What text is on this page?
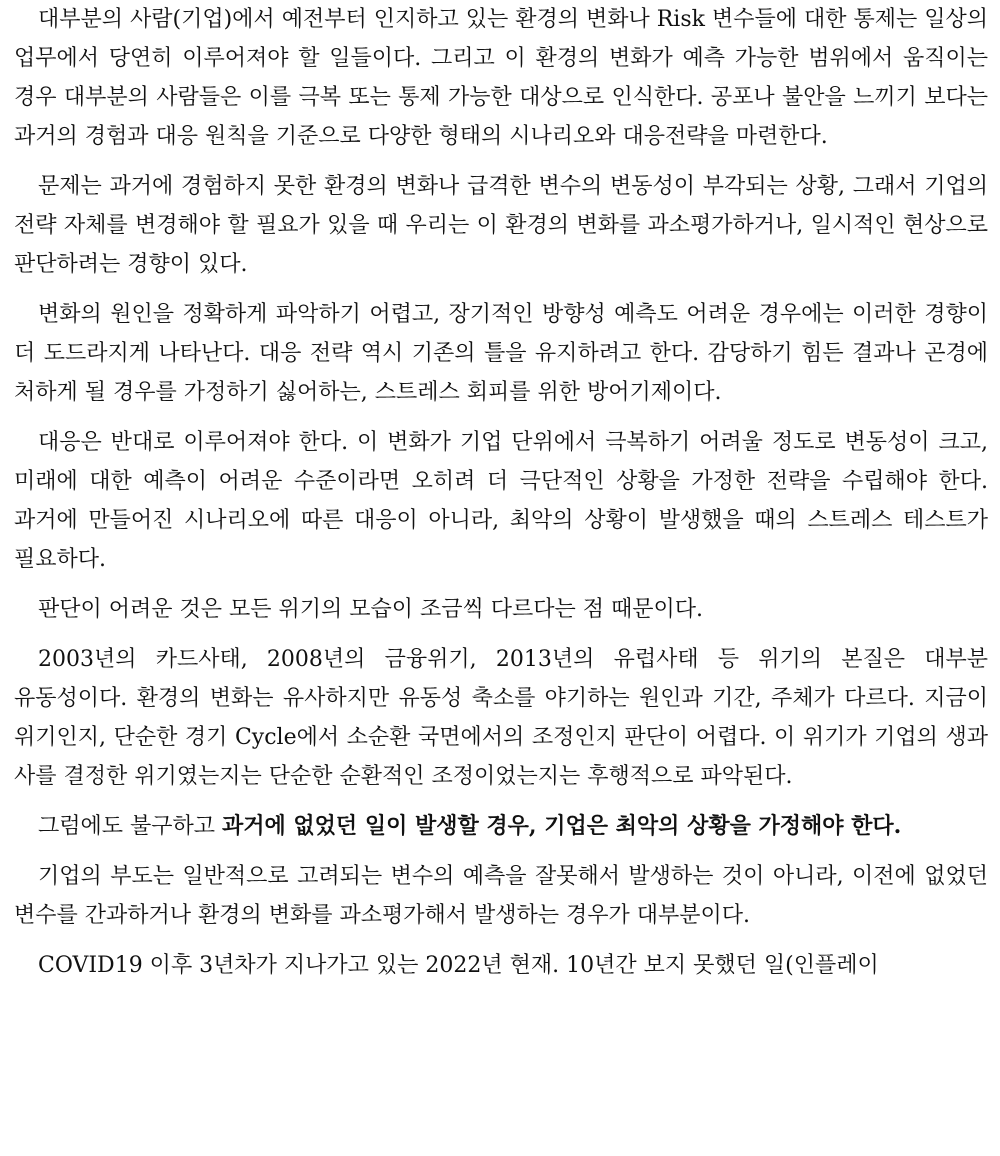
대부분의 사람(기업)에서 예전부터 인지하고 있는 환경의 변화나 Risk 변수들에 대한 통제는 일상의 업무에서 당연히 이루어져야 할 일들이다. 그리고 이 환경의 변화가 예측 가능한 범위에서 움직이는 경우 대부분의 사람들은 이를 극복 또는 통제 가능한 대상으로 인식한다. 공포나 불안을 느끼기 보다는 과거의 경험과 대응 원칙을 기준으로 다양한 형태의 시나리오와 대응전략을 마련한다.

문제는 과거에 경험하지 못한 환경의 변화나 급격한 변수의 변동성이 부각되는 상황, 그래서 기업의 전략 자체를 변경해야 할 필요가 있을 때 우리는 이 환경의 변화를 과소평가하거나, 일시적인 현상으로 판단하려는 경향이 있다.

변화의 원인을 정확하게 파악하기 어렵고, 장기적인 방향성 예측도 어려운 경우에는 이러한 경향이 더 도드라지게 나타난다. 대응 전략 역시 기존의 틀을 유지하려고 한다. 감당하기 힘든 결과나 곤경에 처하게 될 경우를 가정하기 싫어하는, 스트레스 회피를 위한 방어기제이다.

대응은 반대로 이루어져야 한다. 이 변화가 기업 단위에서 극복하기 어려울 정도로 변동성이 크고, 미래에 대한 예측이 어려운 수준이라면 오히려 더 극단적인 상황을 가정한 전략을 수립해야 한다. 과거에 만들어진 시나리오에 따른 대응이 아니라, 최악의 상황이 발생했을 때의 스트레스 테스트가 필요하다.

판단이 어려운 것은 모든 위기의 모습이 조금씩 다르다는 점 때문이다.

2003년의 카드사태, 2008년의 금융위기, 2013년의 유럽사태 등 위기의 본질은 대부분 유동성이다. 환경의 변화는 유사하지만 유동성 축소를 야기하는 원인과 기간, 주체가 다르다. 지금이 위기인지, 단순한 경기 Cycle에서 소순환 국면에서의 조정인지 판단이 어렵다. 이 위기가 기업의 생과 사를 결정한 위기였는지는 단순한 순환적인 조정이었는지는 후행적으로 파악된다.

그럼에도 불구하고 과거에 없었던 일이 발생할 경우, 기업은 최악의 상황을 가정해야 한다.

기업의 부도는 일반적으로 고려되는 변수의 예측을 잘못해서 발생하는 것이 아니라, 이전에 없었던 변수를 간과하거나 환경의 변화를 과소평가해서 발생하는 경우가 대부분이다.

COVID19 이후 3년차가 지나가고 있는 2022년 현재. 10년간 보지 못했던 일(인플레이
